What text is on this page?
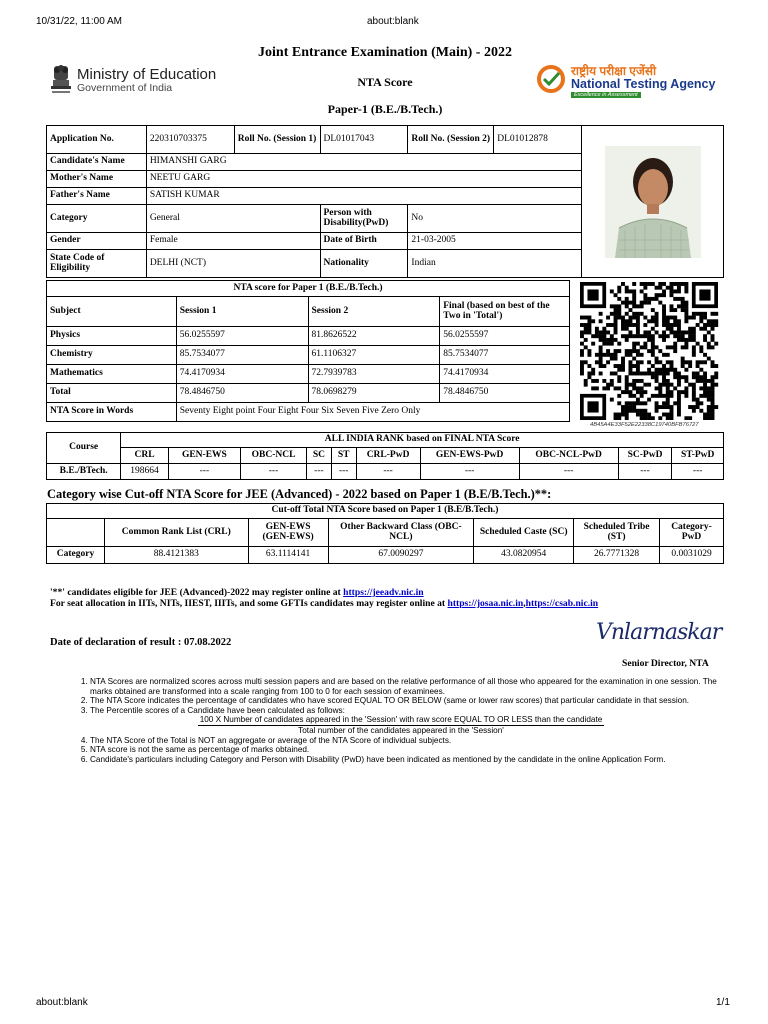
10/31/22, 11:00 AM	about:blank
Ministry of Education
Government of India
Joint Entrance Examination (Main) - 2022
NTA Score
Paper-1 (B.E./B.Tech.)
राष्ट्रीय परीक्षा एजेंसी
National Testing Agency
Excellence in Assessment
Application No.	220310703375	Roll No. (Session 1)	DL01017043	Roll No. (Session 2)	DL01012878	

Candidate's Name	HIMANSHI GARG					
Mother's Name	NEETU GARG					
Father's Name	SATISH KUMAR					
Category	General		Person with Disability(PwD)	No		
Gender	Female		Date of Birth	21-03-2005		
State Code of Eligibility	DELHI (NCT)		Nationality	Indian		
NTA score for Paper 1 (B.E./B.Tech.)			
Subject	Session 1	Session 2	Final (based on best of the Two in 'Total')
Physics	56.0255597	81.8626522	56.0255597
Chemistry	85.7534077	61.1106327	85.7534077
Mathematics	74.4170934	72.7939783	74.4170934
Total	78.4846750	78.0698279	78.4846750
NTA Score in Words	Seventy Eight point Four Eight Four Six Seven Five Zero Only		
4B45A4E33F52E22338C19740BFB76727
Course	ALL INDIA RANK based on FINAL NTA Score									
	CRL	GEN-EWS	OBC-NCL	SC	ST	CRL-PwD	GEN-EWS-PwD	OBC-NCL-PwD	SC-PwD	ST-PwD
B.E./BTech.	198664	---	---	---	---	---	---	---	---	---
Category wise Cut-off NTA Score for JEE (Advanced) - 2022 based on Paper 1 (B.E/B.Tech.)**:
Cut-off Total NTA Score based on Paper 1 (B.E/B.Tech.)						
	Common Rank List (CRL)	GEN-EWS (GEN-EWS)	Other Backward Class (OBC-NCL)	Scheduled Caste (SC)	Scheduled Tribe (ST)	Category-PwD
Category	88.4121383	63.1114141	67.0090297	43.0820954	26.7771328	0.0031029
'**' candidates eligible for JEE (Advanced)-2022 may register online at https://jeeadv.nic.in
For seat allocation in IITs, NITs, IIEST, IIITs, and some GFTIs candidates may register online at https://josaa.nic.in,https://csab.nic.in
Date of declaration of result : 07.08.2022	Vnlarnaskar
Senior Director, NTA
1. NTA Scores are normalized scores across multi session papers and are based on the relative performance of all those who appeared for the examination in one session. The marks obtained are transformed into a scale ranging from 100 to 0 for each session of examinees.
2. The NTA Score indicates the percentage of candidates who have scored EQUAL TO OR BELOW (same or lower raw scores) that particular candidate in that session.
3. The Percentile scores of a Candidate have been calculated as follows:
100 X Number of candidates appeared in the 'Session' with raw score EQUAL TO OR LESS than the candidate
Total number of the candidates appeared in the 'Session'
4. The NTA Score of the Total is NOT an aggregate or average of the NTA Score of individual subjects.
5. NTA score is not the same as percentage of marks obtained.
6. Candidate's particulars including Category and Person with Disability (PwD) have been indicated as mentioned by the candidate in the online Application Form.
about:blank	1/1
